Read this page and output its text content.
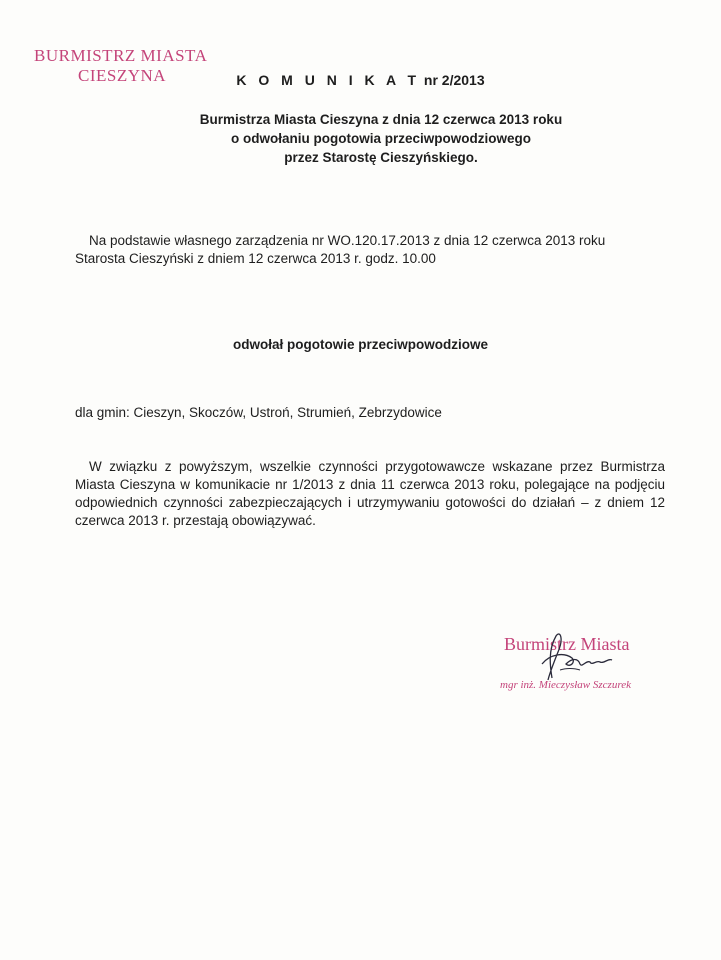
BURMISTRZ MIASTA
CIESZYNA	K O M U N I K A T nr 2/2013
Burmistrza Miasta Cieszyna z dnia 12 czerwca 2013 roku
o odwołaniu pogotowia przeciwpowodziowego
przez Starostę Cieszyńskiego.
Na podstawie własnego zarządzenia nr WO.120.17.2013 z dnia 12 czerwca 2013 roku
Starosta Cieszyński z dniem 12 czerwca 2013 r. godz. 10.00
odwołał pogotowie przeciwpowodziowe
dla gmin: Cieszyn, Skoczów, Ustroń, Strumień, Zebrzydowice
W związku z powyższym, wszelkie czynności przygotowawcze wskazane przez Burmistrza Miasta Cieszyna w komunikacie nr 1/2013 z dnia 11 czerwca 2013 roku, polegające na podjęciu odpowiednich czynności zabezpieczających i utrzymywaniu gotowości do działań – z dniem 12 czerwca 2013 r. przestają obowiązywać.
Burmistrz Miasta
mgr inż. Mieczysław Szczurek
